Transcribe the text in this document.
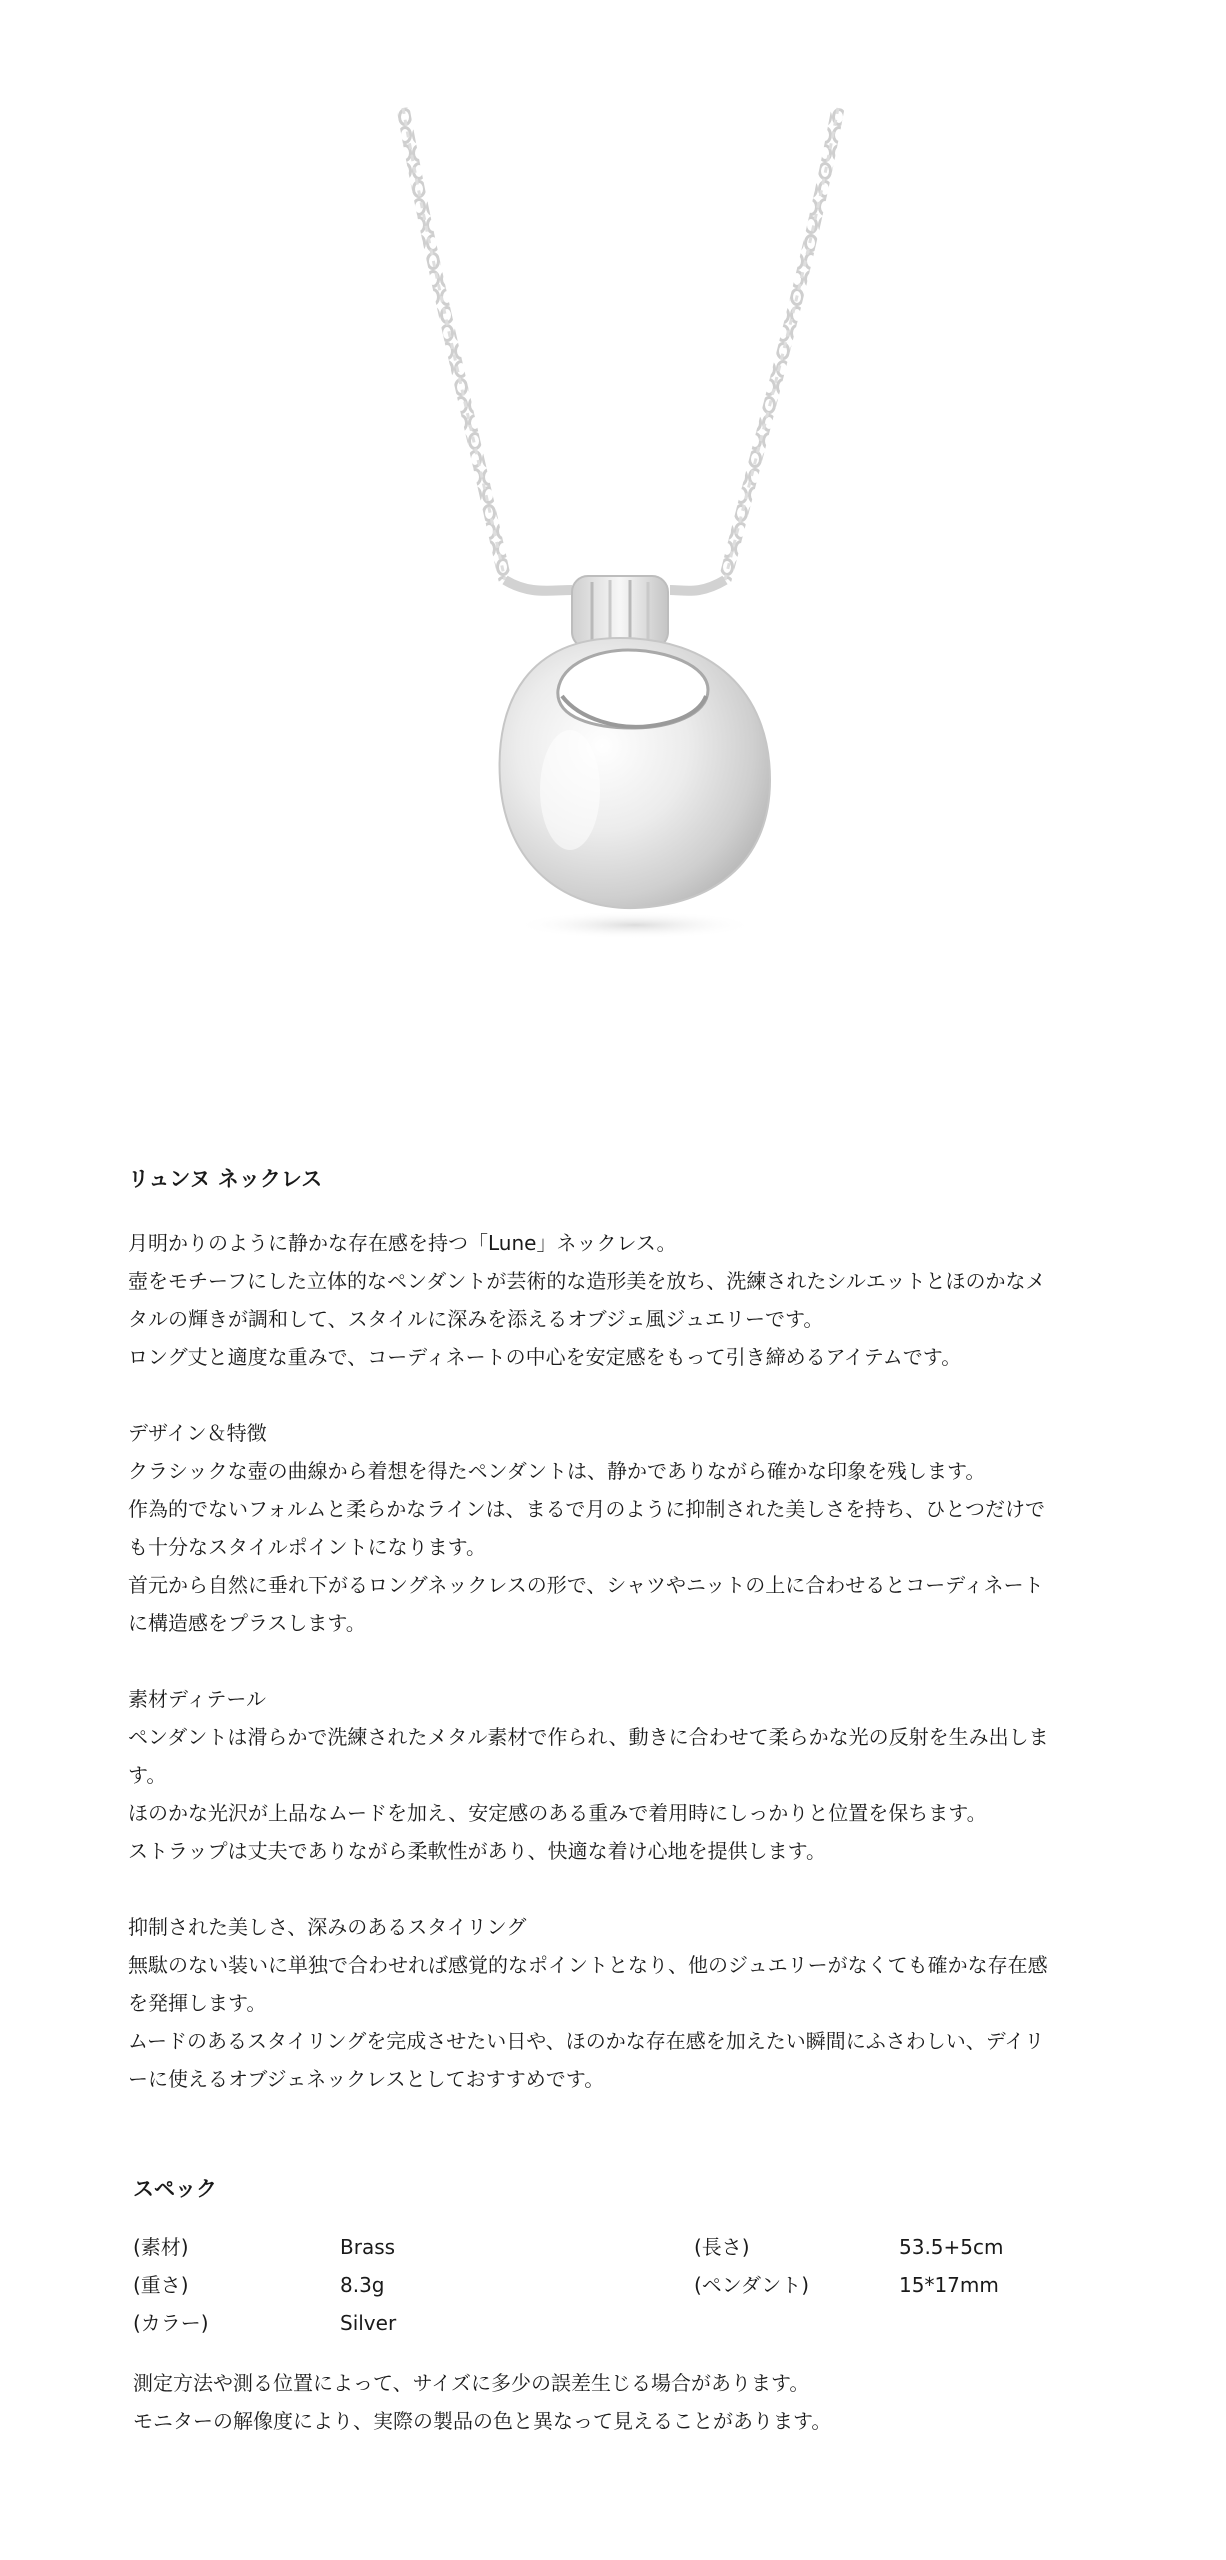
リュンヌ ネックレス

月明かりのように静かな存在感を持つ「Lune」ネックレス。

壺をモチーフにした立体的なペンダントが芸術的な造形美を放ち、洗練されたシルエットとほのかなメ

タルの輝きが調和して、スタイルに深みを添えるオブジェ風ジュエリーです。

ロング丈と適度な重みで、コーディネートの中心を安定感をもって引き締めるアイテムです。

デザイン＆特徴

クラシックな壺の曲線から着想を得たペンダントは、静かでありながら確かな印象を残します。

作為的でないフォルムと柔らかなラインは、まるで月のように抑制された美しさを持ち、ひとつだけで

も十分なスタイルポイントになります。

首元から自然に垂れ下がるロングネックレスの形で、シャツやニットの上に合わせるとコーディネート

に構造感をプラスします。

素材ディテール

ペンダントは滑らかで洗練されたメタル素材で作られ、動きに合わせて柔らかな光の反射を生み出しま

す。

ほのかな光沢が上品なムードを加え、安定感のある重みで着用時にしっかりと位置を保ちます。

ストラップは丈夫でありながら柔軟性があり、快適な着け心地を提供します。

抑制された美しさ、深みのあるスタイリング

無駄のない装いに単独で合わせれば感覚的なポイントとなり、他のジュエリーがなくても確かな存在感

を発揮します。

ムードのあるスタイリングを完成させたい日や、ほのかな存在感を加えたい瞬間にふさわしい、デイリ

ーに使えるオブジェネックレスとしておすすめです。

スペック

(素材)	Brass	(長さ)	53.5+5cm
(重さ)	8.3g	(ペンダント)	15*17mm
(カラー)	Silver

測定方法や測る位置によって、サイズに多少の誤差生じる場合があります。

モニターの解像度により、実際の製品の色と異なって見えることがあります。
